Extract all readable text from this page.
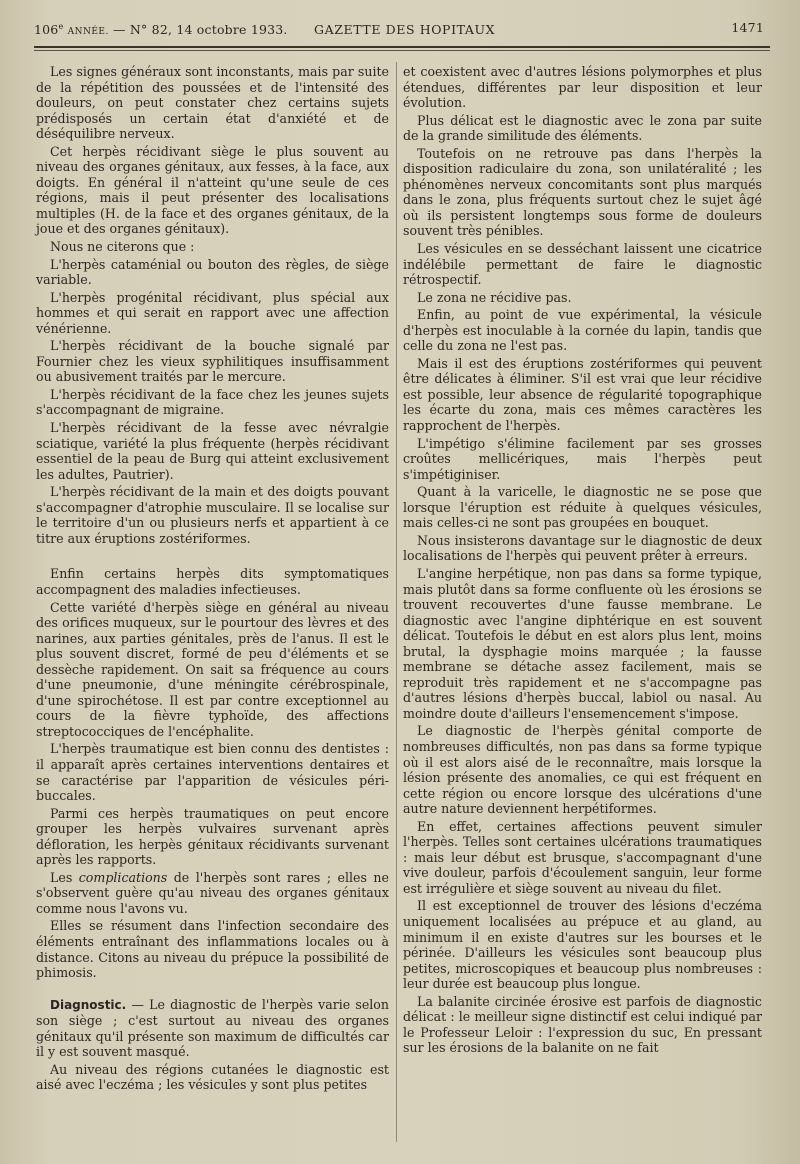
106e ANNÉE. — N° 82, 14 octobre 1933. GAZETTE DES HOPITAUX	1471

Les signes généraux sont inconstants, mais par suite de la répétition des poussées et de l'intensité des douleurs, on peut constater chez certains sujets prédisposés un certain état d'anxiété et de déséquilibre nerveux.

Cet herpès récidivant siège le plus souvent au niveau des organes génitaux, aux fesses, à la face, aux doigts. En général il n'atteint qu'une seule de ces régions, mais il peut présenter des localisations multiples (H. de la face et des organes génitaux, de la joue et des organes génitaux).

Nous ne citerons que :

L'herpès cataménial ou bouton des règles, de siège variable.

L'herpès progénital récidivant, plus spécial aux hommes et qui serait en rapport avec une affection vénérienne.

L'herpès récidivant de la bouche signalé par Fournier chez les vieux syphilitiques insuffisamment ou abusivement traités par le mercure.

L'herpès récidivant de la face chez les jeunes sujets s'accompagnant de migraine.

L'herpès récidivant de la fesse avec névralgie sciatique, variété la plus fréquente (herpès récidivant essentiel de la peau de Burg qui atteint exclusivement les adultes, Pautrier).

L'herpès récidivant de la main et des doigts pouvant s'accompagner d'atrophie musculaire. Il se localise sur le territoire d'un ou plusieurs nerfs et appartient à ce titre aux éruptions zostériformes.

Enfin certains herpès dits symptomatiques accompagnent des maladies infectieuses.

Cette variété d'herpès siège en général au niveau des orifices muqueux, sur le pourtour des lèvres et des narines, aux parties génitales, près de l'anus. Il est le plus souvent discret, formé de peu d'éléments et se dessèche rapidement. On sait sa fréquence au cours d'une pneumonie, d'une méningite cérébrospinale, d'une spirochétose. Il est par contre exceptionnel au cours de la fièvre typhoïde, des affections streptococciques de l'encéphalite.

L'herpès traumatique est bien connu des dentistes : il apparaît après certaines interventions dentaires et se caractérise par l'apparition de vésicules péri-buccales.

Parmi ces herpès traumatiques on peut encore grouper les herpès vulvaires survenant après défloration, les herpès génitaux récidivants survenant après les rapports.

Les complications de l'herpès sont rares ; elles ne s'observent guère qu'au niveau des organes génitaux comme nous l'avons vu.

Elles se résument dans l'infection secondaire des éléments entraînant des inflammations locales ou à distance. Citons au niveau du prépuce la possibilité de phimosis.

Diagnostic. — Le diagnostic de l'herpès varie selon son siège ; c'est surtout au niveau des organes génitaux qu'il présente son maximum de difficultés car il y est souvent masqué.

Au niveau des régions cutanées le diagnostic est aisé avec l'eczéma ; les vésicules y sont plus petites

et coexistent avec d'autres lésions polymorphes et plus étendues, différentes par leur disposition et leur évolution.

Plus délicat est le diagnostic avec le zona par suite de la grande similitude des éléments.

Toutefois on ne retrouve pas dans l'herpès la disposition radiculaire du zona, son unilatéralité ; les phénomènes nerveux concomitants sont plus marqués dans le zona, plus fréquents surtout chez le sujet âgé où ils persistent longtemps sous forme de douleurs souvent très pénibles.

Les vésicules en se desséchant laissent une cicatrice indélébile permettant de faire le diagnostic rétrospectif.

Le zona ne récidive pas.

Enfin, au point de vue expérimental, la vésicule d'herpès est inoculable à la cornée du lapin, tandis que celle du zona ne l'est pas.

Mais il est des éruptions zostériformes qui peuvent être délicates à éliminer. S'il est vrai que leur récidive est possible, leur absence de régularité topographique les écarte du zona, mais ces mêmes caractères les rapprochent de l'herpès.

L'impétigo s'élimine facilement par ses grosses croûtes mellicériques, mais l'herpès peut s'impétiginiser.

Quant à la varicelle, le diagnostic ne se pose que lorsque l'éruption est réduite à quelques vésicules, mais celles-ci ne sont pas groupées en bouquet.

Nous insisterons davantage sur le diagnostic de deux localisations de l'herpès qui peuvent prêter à erreurs.

L'angine herpétique, non pas dans sa forme typique, mais plutôt dans sa forme confluente où les érosions se trouvent recouvertes d'une fausse membrane. Le diagnostic avec l'angine diphtérique en est souvent délicat. Toutefois le début en est alors plus lent, moins brutal, la dysphagie moins marquée ; la fausse membrane se détache assez facilement, mais se reproduit très rapidement et ne s'accompagne pas d'autres lésions d'herpès buccal, labiol ou nasal. Au moindre doute d'ailleurs l'ensemencement s'impose.

Le diagnostic de l'herpès génital comporte de nombreuses difficultés, non pas dans sa forme typique où il est alors aisé de le reconnaître, mais lorsque la lésion présente des anomalies, ce qui est fréquent en cette région ou encore lorsque des ulcérations d'une autre nature deviennent herpétiformes.

En effet, certaines affections peuvent simuler l'herpès. Telles sont certaines ulcérations traumatiques : mais leur début est brusque, s'accompagnant d'une vive douleur, parfois d'écoulement sanguin, leur forme est irrégulière et siège souvent au niveau du filet.

Il est exceptionnel de trouver des lésions d'eczéma uniquement localisées au prépuce et au gland, au minimum il en existe d'autres sur les bourses et le périnée. D'ailleurs les vésicules sont beaucoup plus petites, microscopiques et beaucoup plus nombreuses : leur durée est beaucoup plus longue.

La balanite circinée érosive est parfois de diagnostic délicat : le meilleur signe distinctif est celui indiqué par le Professeur Leloir : l'expression du suc, En pressant sur les érosions de la balanite on ne fait
